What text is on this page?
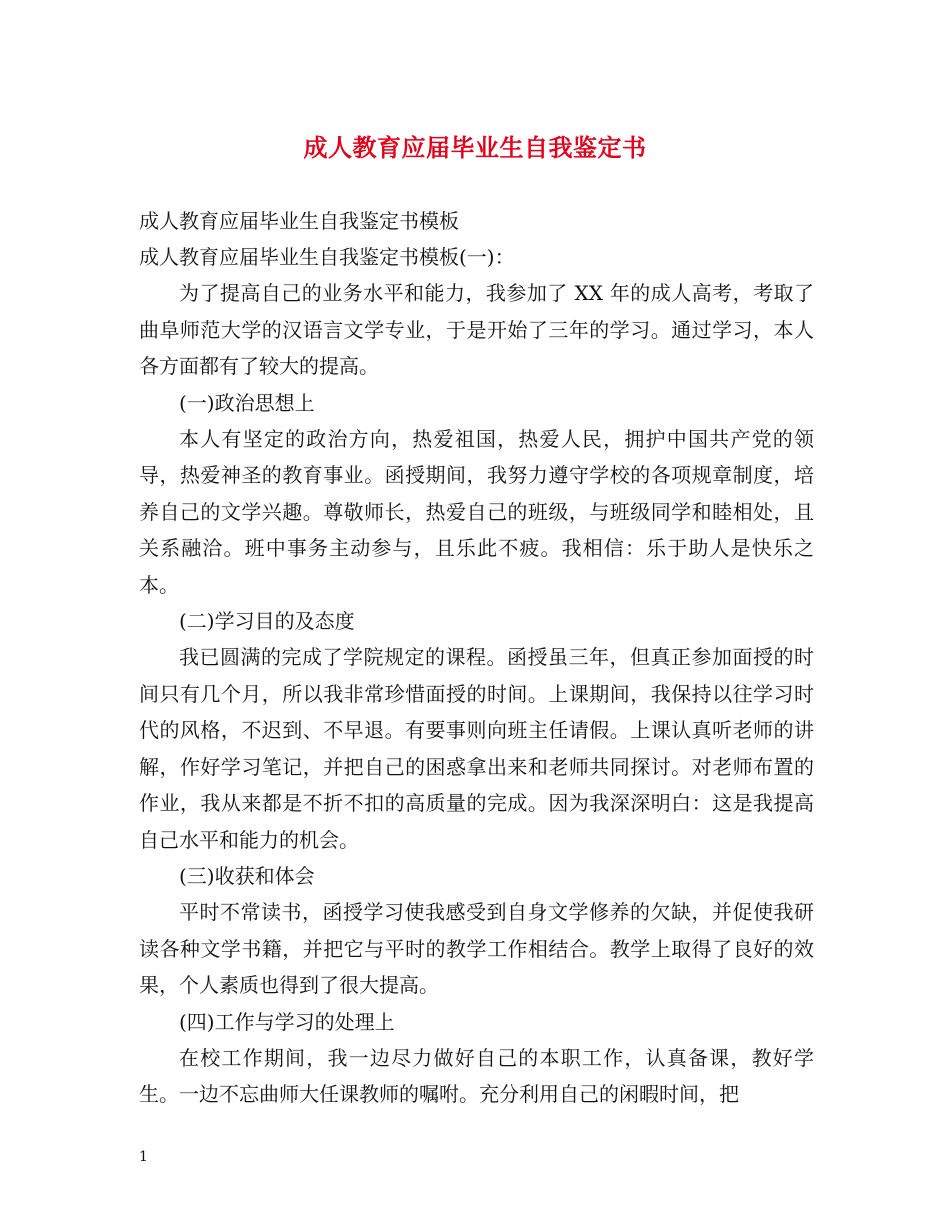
成人教育应届毕业生自我鉴定书

成人教育应届毕业生自我鉴定书模板

成人教育应届毕业生自我鉴定书模板(一)：

为了提高自己的业务水平和能力，我参加了 XX 年的成人高考，考取了曲阜师范大学的汉语言文学专业，于是开始了三年的学习。通过学习，本人各方面都有了较大的提高。

(一)政治思想上

本人有坚定的政治方向，热爱祖国，热爱人民，拥护中国共产党的领导，热爱神圣的教育事业。函授期间，我努力遵守学校的各项规章制度，培养自己的文学兴趣。尊敬师长，热爱自己的班级，与班级同学和睦相处，且关系融洽。班中事务主动参与，且乐此不疲。我相信：乐于助人是快乐之本。

(二)学习目的及态度

我已圆满的完成了学院规定的课程。函授虽三年，但真正参加面授的时间只有几个月，所以我非常珍惜面授的时间。上课期间，我保持以往学习时代的风格，不迟到、不早退。有要事则向班主任请假。上课认真听老师的讲解，作好学习笔记，并把自己的困惑拿出来和老师共同探讨。对老师布置的作业，我从来都是不折不扣的高质量的完成。因为我深深明白：这是我提高自己水平和能力的机会。

(三)收获和体会

平时不常读书，函授学习使我感受到自身文学修养的欠缺，并促使我研读各种文学书籍，并把它与平时的教学工作相结合。教学上取得了良好的效果，个人素质也得到了很大提高。

(四)工作与学习的处理上

在校工作期间，我一边尽力做好自己的本职工作，认真备课，教好学生。一边不忘曲师大任课教师的嘱咐。充分利用自己的闲暇时间，把

1
